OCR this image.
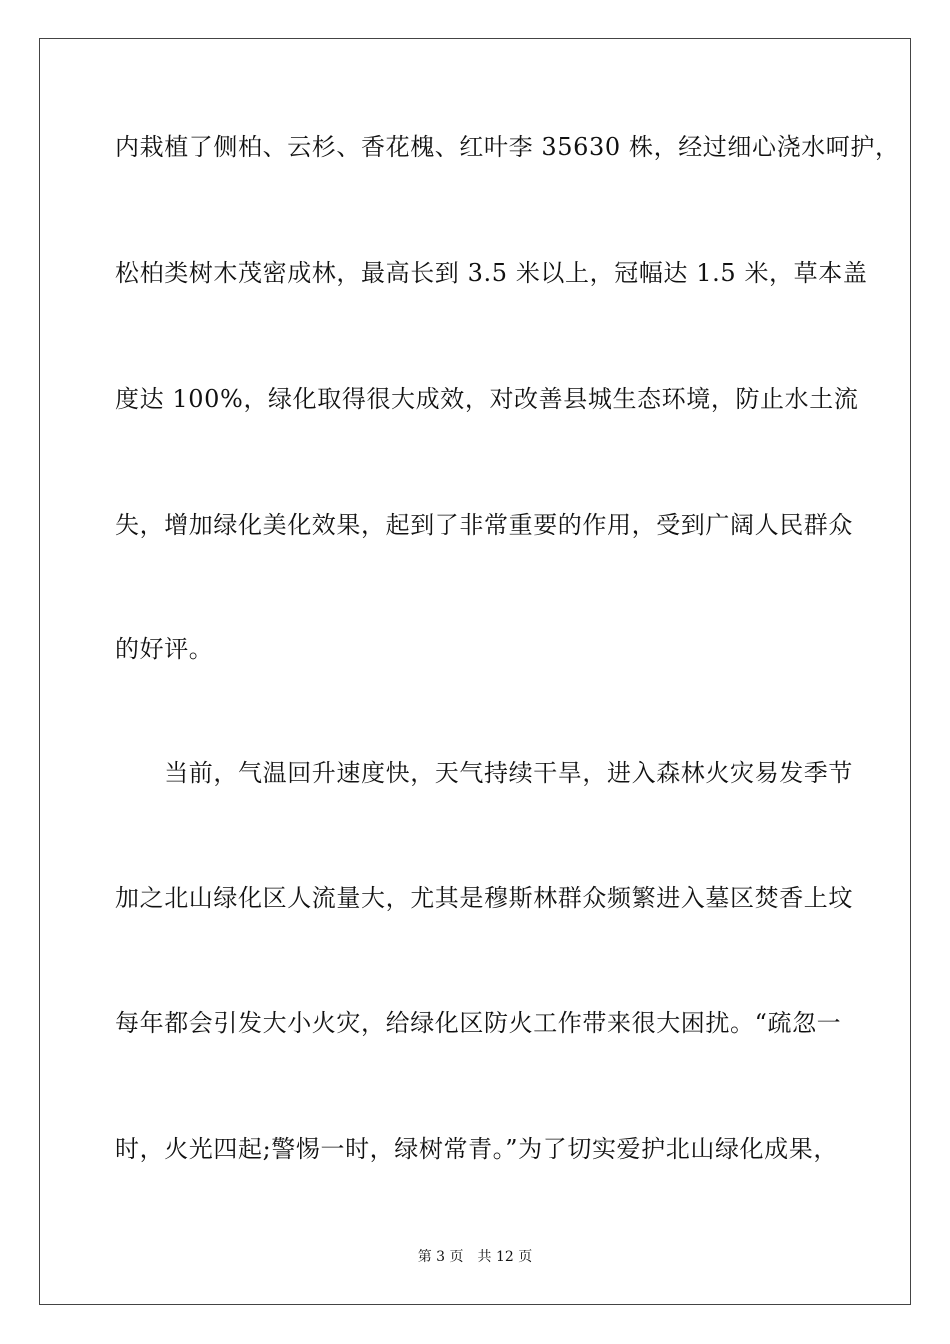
内栽植了侧柏、云杉、香花槐、红叶李 35630 株，经过细心浇水呵护，
松柏类树木茂密成林，最高长到 3.5 米以上，冠幅达 1.5 米，草本盖
度达 100%，绿化取得很大成效，对改善县城生态环境，防止水土流
失，增加绿化美化效果，起到了非常重要的作用，受到广阔人民群众
的好评。
　　当前，气温回升速度快，天气持续干旱，进入森林火灾易发季节
加之北山绿化区人流量大，尤其是穆斯林群众频繁进入墓区焚香上坟
每年都会引发大小火灾，给绿化区防火工作带来很大困扰。“疏忽一
时，火光四起;警惕一时，绿树常青。”为了切实爱护北山绿化成果，
第 3 页 共 12 页
